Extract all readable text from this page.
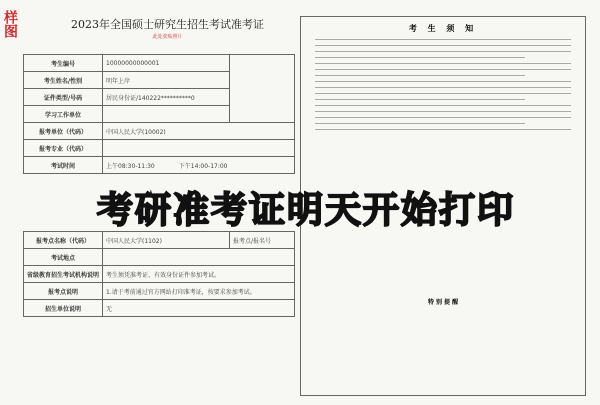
样图	2023年全国硕士研究生招生考试准考证
此处张贴照片
考生编号	10000000000001	
考生姓名/性别	明年上岸	
证件类型/号码	居民身份证/140222**********0	
学习工作单位		
报考单位（代码）	中国人民大学(10002)	
报考专业（代码）		
考试时间	上午08:30-11:30　　　　下午14:00-17:00	

报考点名称（代码）	中国人民大学(1102)	报考点/报名号
考试地点		
省级教育招生考试机构说明	考生须凭准考证、有效身份证件参加考试。	
报考点说明	1.请于考前通过官方网站打印准考证，按要求参加考试。	
招生单位说明	无	
考 生 须 知
特 别 提 醒
考研准考证明天开始打印
